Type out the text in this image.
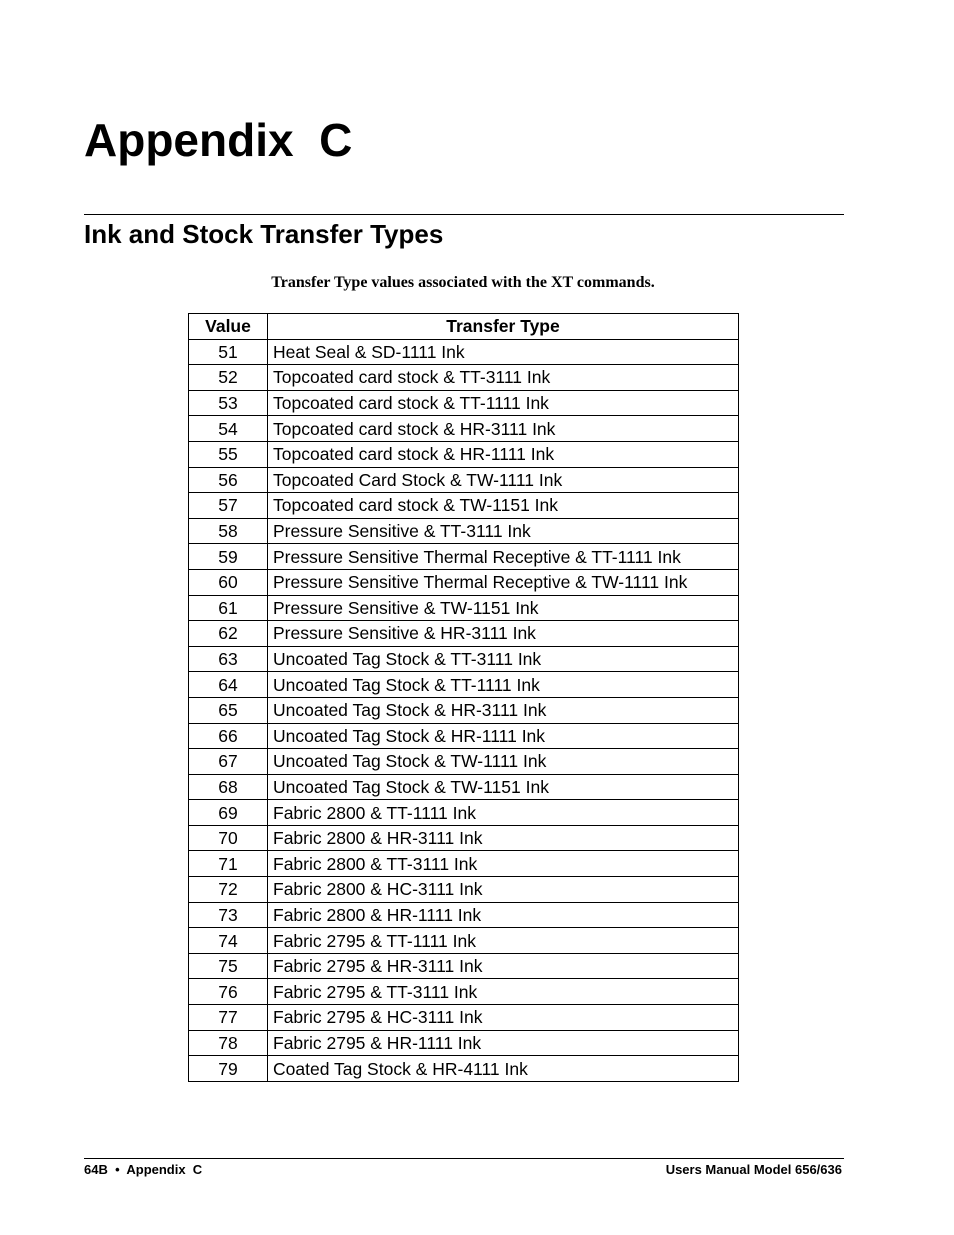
Appendix  C
Ink and Stock Transfer Types
Transfer Type values associated with the XT commands.
Value	Transfer Type
51	Heat Seal & SD-1111 Ink
52	Topcoated card stock & TT-3111 Ink
53	Topcoated card stock & TT-1111 Ink
54	Topcoated card stock & HR-3111 Ink
55	Topcoated card stock & HR-1111 Ink
56	Topcoated Card Stock & TW-1111 Ink
57	Topcoated card stock & TW-1151 Ink
58	Pressure Sensitive & TT-3111 Ink
59	Pressure Sensitive Thermal Receptive & TT-1111 Ink
60	Pressure Sensitive Thermal Receptive & TW-1111 Ink
61	Pressure Sensitive & TW-1151 Ink
62	Pressure Sensitive & HR-3111 Ink
63	Uncoated Tag Stock & TT-3111 Ink
64	Uncoated Tag Stock & TT-1111 Ink
65	Uncoated Tag Stock & HR-3111 Ink
66	Uncoated Tag Stock & HR-1111 Ink
67	Uncoated Tag Stock & TW-1111 Ink
68	Uncoated Tag Stock & TW-1151 Ink
69	Fabric 2800 & TT-1111 Ink
70	Fabric 2800 & HR-3111 Ink
71	Fabric 2800 & TT-3111 Ink
72	Fabric 2800 & HC-3111 Ink
73	Fabric 2800 & HR-1111 Ink
74	Fabric 2795 & TT-1111 Ink
75	Fabric 2795 & HR-3111 Ink
76	Fabric 2795 & TT-3111 Ink
77	Fabric 2795 & HC-3111 Ink
78	Fabric 2795 & HR-1111 Ink
79	Coated Tag Stock & HR-4111 Ink
64B  •  Appendix  C	Users Manual Model 656/636
